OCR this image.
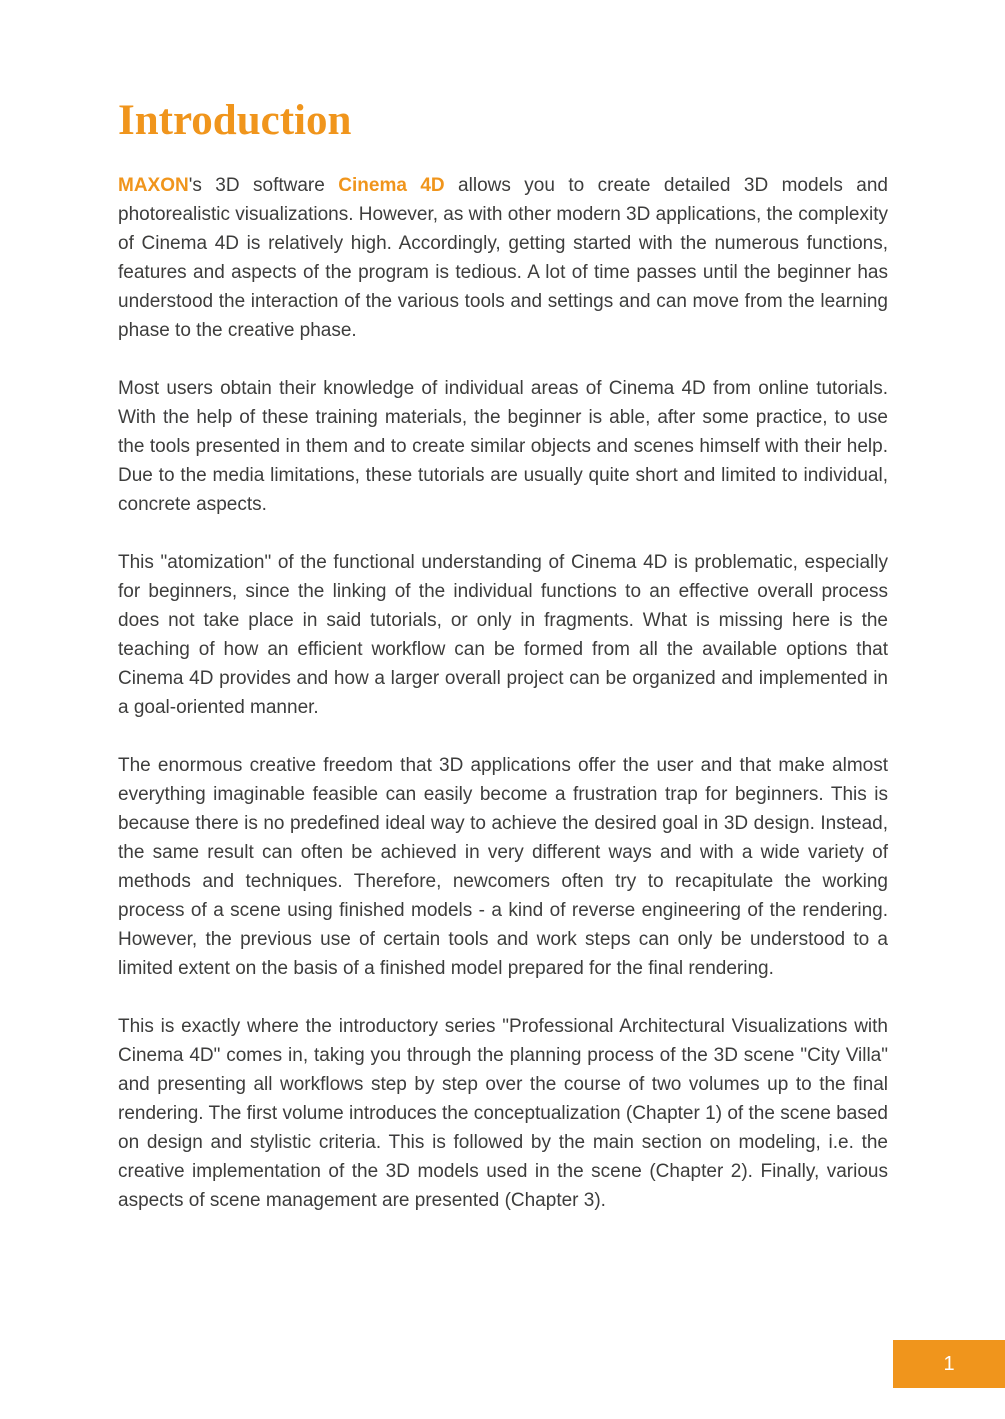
Introduction

MAXON's 3D software Cinema 4D allows you to create detailed 3D models and photorealistic visualizations. However, as with other modern 3D applications, the complexity of Cinema 4D is relatively high. Accordingly, getting started with the numerous functions, features and aspects of the program is tedious. A lot of time passes until the beginner has understood the interaction of the various tools and settings and can move from the learning phase to the creative phase.

Most users obtain their knowledge of individual areas of Cinema 4D from online tutorials. With the help of these training materials, the beginner is able, after some practice, to use the tools presented in them and to create similar objects and scenes himself with their help. Due to the media limitations, these tutorials are usually quite short and limited to individual, concrete aspects.

This "atomization" of the functional understanding of Cinema 4D is problematic, especially for beginners, since the linking of the individual functions to an effective overall process does not take place in said tutorials, or only in fragments. What is missing here is the teaching of how an efficient workflow can be formed from all the available options that Cinema 4D provides and how a larger overall project can be organized and implemented in a goal-oriented manner.

The enormous creative freedom that 3D applications offer the user and that make almost everything imaginable feasible can easily become a frustration trap for beginners. This is because there is no predefined ideal way to achieve the desired goal in 3D design. Instead, the same result can often be achieved in very different ways and with a wide variety of methods and techniques. Therefore, newcomers often try to recapitulate the working process of a scene using finished models - a kind of reverse engineering of the rendering. However, the previous use of certain tools and work steps can only be understood to a limited extent on the basis of a finished model prepared for the final rendering.

This is exactly where the introductory series "Professional Architectural Visualizations with Cinema 4D" comes in, taking you through the planning process of the 3D scene "City Villa" and presenting all workflows step by step over the course of two volumes up to the final rendering. The first volume introduces the conceptualization (Chapter 1) of the scene based on design and stylistic criteria. This is followed by the main section on modeling, i.e. the creative implementation of the 3D models used in the scene (Chapter 2). Finally, various aspects of scene management are presented (Chapter 3).

1
